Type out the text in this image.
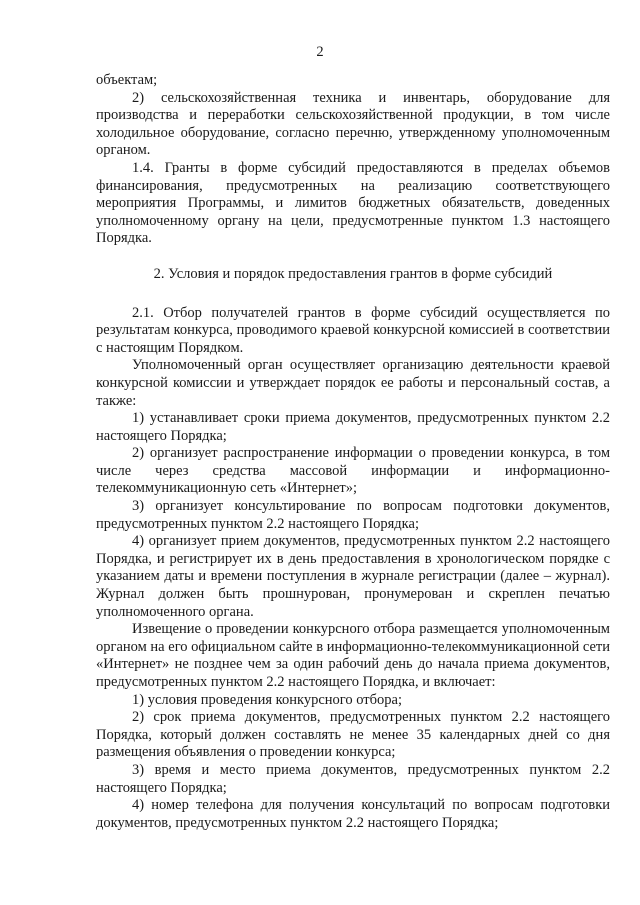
2

объектам;

2) сельскохозяйственная техника и инвентарь, оборудование для производства и переработки сельскохозяйственной продукции, в том числе холодильное оборудование, согласно перечню, утвержденному уполномоченным органом.

1.4. Гранты в форме субсидий предоставляются в пределах объемов финансирования, предусмотренных на реализацию соответствующего мероприятия Программы, и лимитов бюджетных обязательств, доведенных уполномоченному органу на цели, предусмотренные пунктом 1.3 настоящего Порядка.

2. Условия и порядок предоставления грантов в форме субсидий

2.1. Отбор получателей грантов в форме субсидий осуществляется по результатам конкурса, проводимого краевой конкурсной комиссией в соответствии с настоящим Порядком.

Уполномоченный орган осуществляет организацию деятельности краевой конкурсной комиссии и утверждает порядок ее работы и персональный состав, а также:

1) устанавливает сроки приема документов, предусмотренных пунктом 2.2 настоящего Порядка;

2) организует распространение информации о проведении конкурса, в том числе через средства массовой информации и информационно-телекоммуникационную сеть «Интернет»;

3) организует консультирование по вопросам подготовки документов, предусмотренных пунктом 2.2 настоящего Порядка;

4) организует прием документов, предусмотренных пунктом 2.2 настоящего Порядка, и регистрирует их в день предоставления в хронологическом порядке с указанием даты и времени поступления в журнале регистрации (далее – журнал). Журнал должен быть прошнурован, пронумерован и скреплен печатью уполномоченного органа.

Извещение о проведении конкурсного отбора размещается уполномоченным органом на его официальном сайте в информационно-телекоммуникационной сети «Интернет» не позднее чем за один рабочий день до начала приема документов, предусмотренных пунктом 2.2 настоящего Порядка, и включает:

1) условия проведения конкурсного отбора;

2) срок приема документов, предусмотренных пунктом 2.2 настоящего Порядка, который должен составлять не менее 35 календарных дней со дня размещения объявления о проведении конкурса;

3) время и место приема документов, предусмотренных пунктом 2.2 настоящего Порядка;

4) номер телефона для получения консультаций по вопросам подготовки документов, предусмотренных пунктом 2.2 настоящего Порядка;
